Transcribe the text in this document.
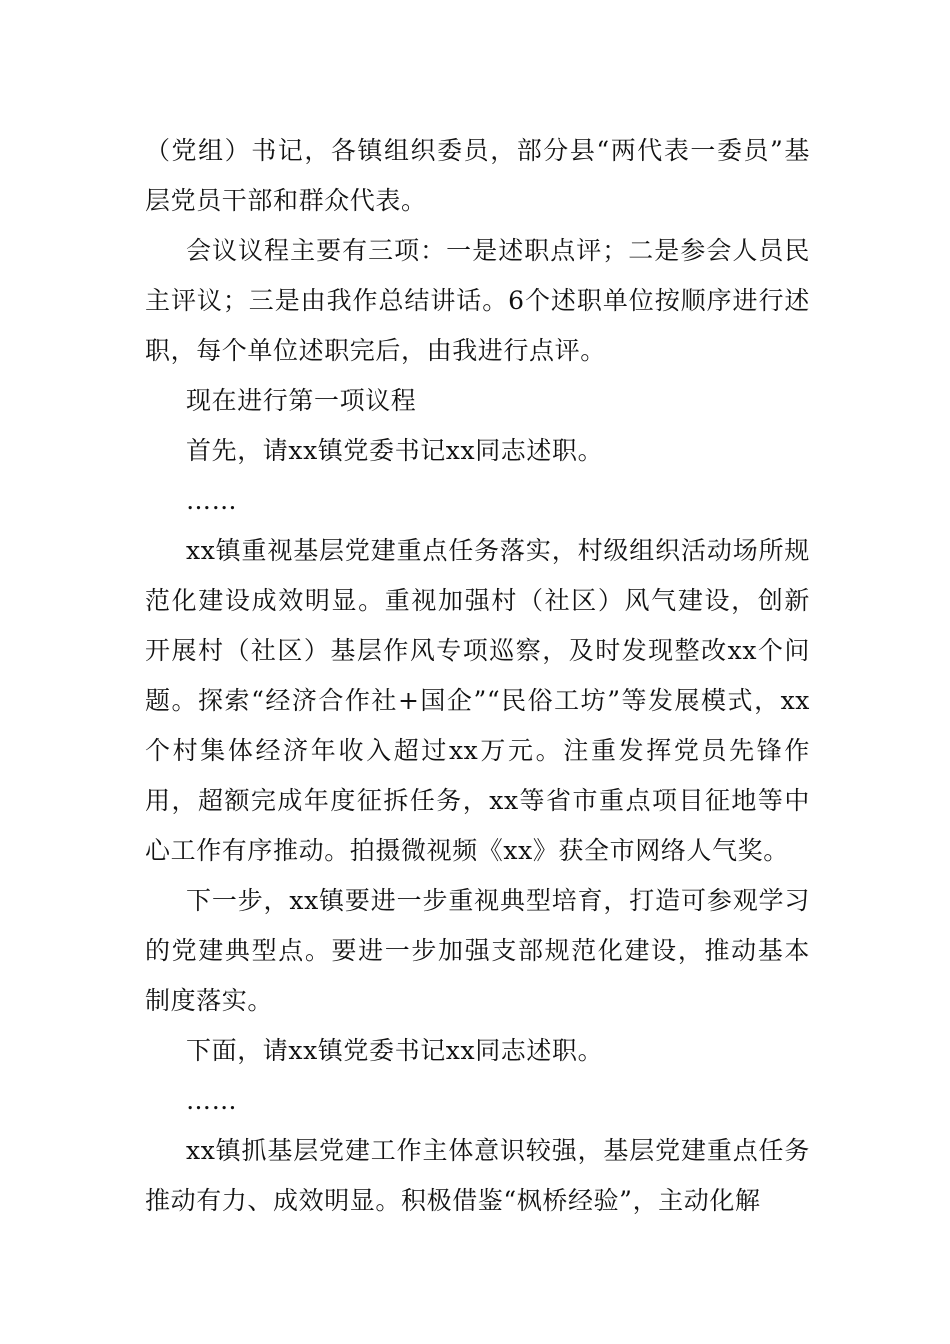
（党组）书记，各镇组织委员，部分县“两代表一委员”基层党员干部和群众代表。

会议议程主要有三项：一是述职点评；二是参会人员民主评议；三是由我作总结讲话。6个述职单位按顺序进行述职，每个单位述职完后，由我进行点评。

现在进行第一项议程

首先，请xx镇党委书记xx同志述职。

……

xx镇重视基层党建重点任务落实，村级组织活动场所规范化建设成效明显。重视加强村（社区）风气建设，创新开展村（社区）基层作风专项巡察，及时发现整改xx个问题。探索“经济合作社+国企”“民俗工坊”等发展模式，xx个村集体经济年收入超过xx万元。注重发挥党员先锋作用，超额完成年度征拆任务，xx等省市重点项目征地等中心工作有序推动。拍摄微视频《xx》获全市网络人气奖。

下一步，xx镇要进一步重视典型培育，打造可参观学习的党建典型点。要进一步加强支部规范化建设，推动基本制度落实。

下面，请xx镇党委书记xx同志述职。

……

xx镇抓基层党建工作主体意识较强，基层党建重点任务推动有力、成效明显。积极借鉴“枫桥经验”，主动化解
